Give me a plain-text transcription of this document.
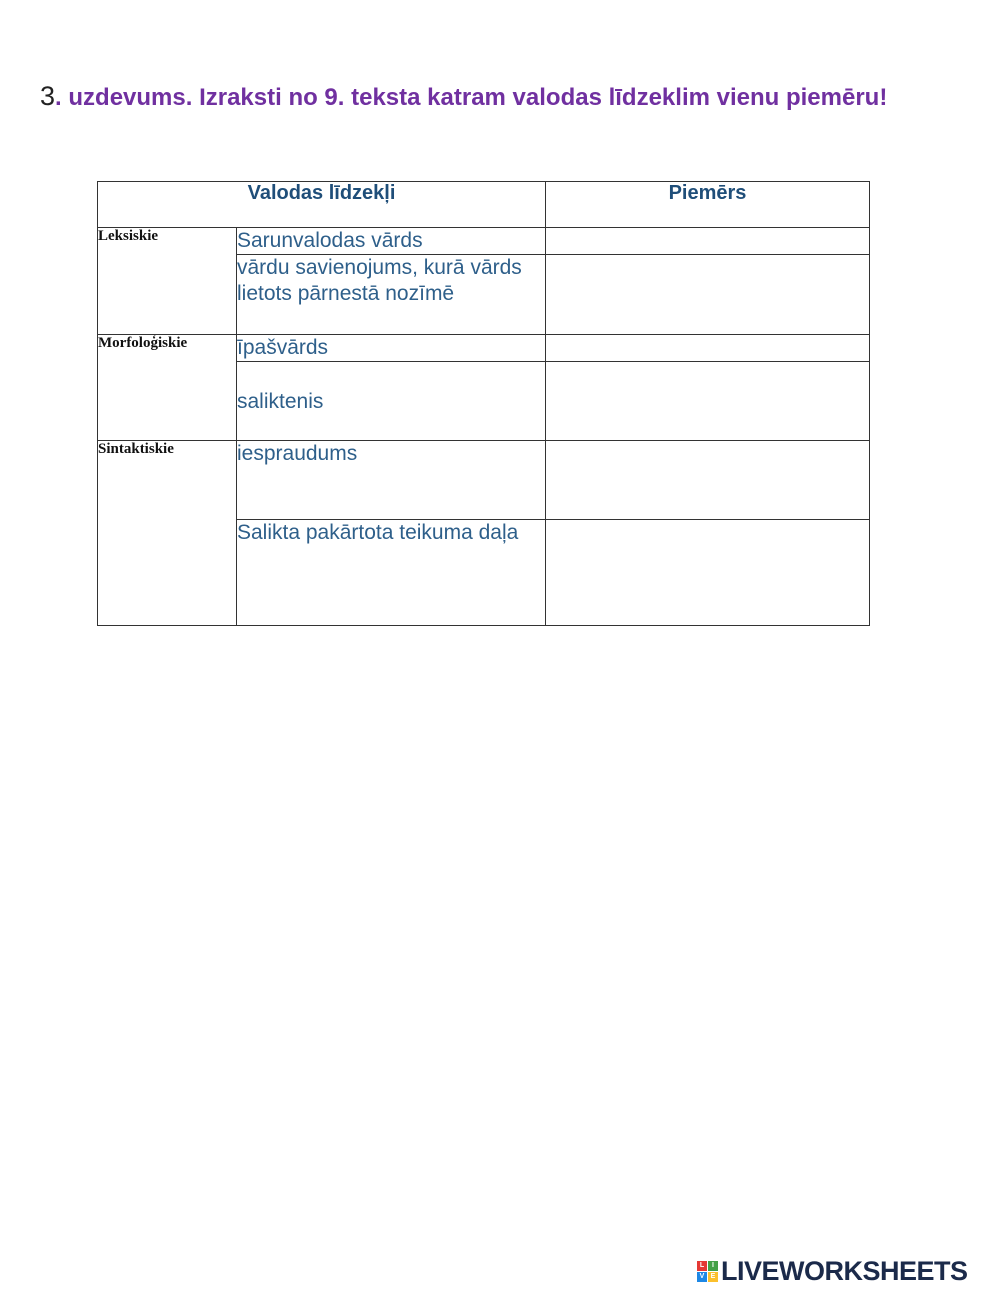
3. uzdevums. Izraksti no 9. teksta katram valodas līdzeklim vienu piemēru!
Valodas līdzekļi		Piemērs
Leksiskie	Sarunvalodas vārds	
	vārdu savienojums, kurā vārds lietots pārnestā nozīmē	
Morfoloģiskie	īpašvārds	
	saliktenis	
Sintaktiskie	iespraudums	
	Salikta pakārtota teikuma daļa	
L	I
V E LIVEWORKSHEETS
